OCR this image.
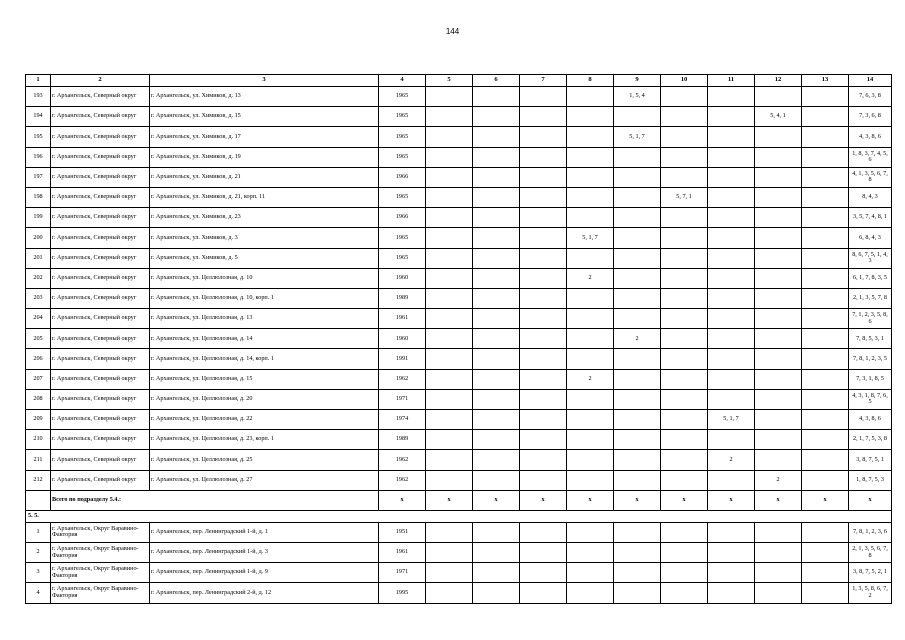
144
1	2	3	4	5	6	7	8	9	10	11	12	13	14
193	г. Архангельск, Северный округ	г. Архангельск, ул. Химиков, д. 13	1965					1, 5, 4					7, 6, 3, 8
194	г. Архангельск, Северный округ	г. Архангельск, ул. Химиков, д. 15	1965								5, 4, 1		7, 3, 6, 8
195	г. Архангельск, Северный округ	г. Архангельск, ул. Химиков, д. 17	1965					5, 1, 7					4, 3, 8, 6
196	г. Архангельск, Северный округ	г. Архангельск, ул. Химиков, д. 19	1965										1, 8, 3, 7, 4, 5, 6
197	г. Архангельск, Северный округ	г. Архангельск, ул. Химиков, д. 21	1966										4, 1, 3, 5, 6, 7, 8
198	г. Архангельск, Северный округ	г. Архангельск, ул. Химиков, д. 21, корп. 11	1965						5, 7, 1				8, 4, 3
199	г. Архангельск, Северный округ	г. Архангельск, ул. Химиков, д. 23	1966										3, 5, 7, 4, 8, 1
200	г. Архангельск, Северный округ	г. Архангельск, ул. Химиков, д. 3	1965				5, 1, 7						6, 8, 4, 3
201	г. Архангельск, Северный округ	г. Архангельск, ул. Химиков, д. 5	1965										8, 6, 7, 5, 1, 4, 3
202	г. Архангельск, Северный округ	г. Архангельск, ул. Целлюлозная, д. 10	1960				2						6, 1, 7, 8, 3, 5
203	г. Архангельск, Северный округ	г. Архангельск, ул. Целлюлозная, д. 10, корп. 1	1989										2, 1, 3, 5, 7, 8
204	г. Архангельск, Северный округ	г. Архангельск, ул. Целлюлозная, д. 13	1961										7, 1, 2, 3, 5, 8, 6
205	г. Архангельск, Северный округ	г. Архангельск, ул. Целлюлозная, д. 14	1960					2					7, 8, 5, 3, 1
206	г. Архангельск, Северный округ	г. Архангельск, ул. Целлюлозная, д. 14, корп. 1	1991										7, 8, 1, 2, 3, 5
207	г. Архангельск, Северный округ	г. Архангельск, ул. Целлюлозная, д. 15	1962				2						7, 3, 1, 8, 5
208	г. Архангельск, Северный округ	г. Архангельск, ул. Целлюлозная, д. 20	1971										4, 3, 1, 8, 7, 6, 5
209	г. Архангельск, Северный округ	г. Архангельск, ул. Целлюлозная, д. 22	1974							5, 1, 7			4, 3, 8, 6
210	г. Архангельск, Северный округ	г. Архангельск, ул. Целлюлозная, д. 23, корп. 1	1989										2, 1, 7, 5, 3, 8
211	г. Архангельск, Северный округ	г. Архангельск, ул. Целлюлозная, д. 25	1962							2			3, 8, 7, 5, 1
212	г. Архангельск, Северный округ	г. Архангельск, ул. Целлюлозная, д. 27	1962								2		1, 8, 7, 5, 3
	Всего по подразделу 5.4.:		x	x	x	x	x	x	x	x	x	x	x
5. 5.													
1	г. Архангельск, Округ Варавино-Фактория	г. Архангельск, пер. Ленинградский 1-й, д. 1	1951										7, 8, 1, 2, 3, 6
2	г. Архангельск, Округ Варавино-Фактория	г. Архангельск, пер. Ленинградский 1-й, д. 3	1961										2, 1, 3, 5, 6, 7, 8
3	г. Архангельск, Округ Варавино-Фактория	г. Архангельск, пер. Ленинградский 1-й, д. 9	1971										3, 8, 7, 5, 2, 1
4	г. Архангельск, Округ Варавино-Фактория	г. Архангельск, пер. Ленинградский 2-й, д. 12	1995										1, 3, 5, 8, 6, 7, 2
